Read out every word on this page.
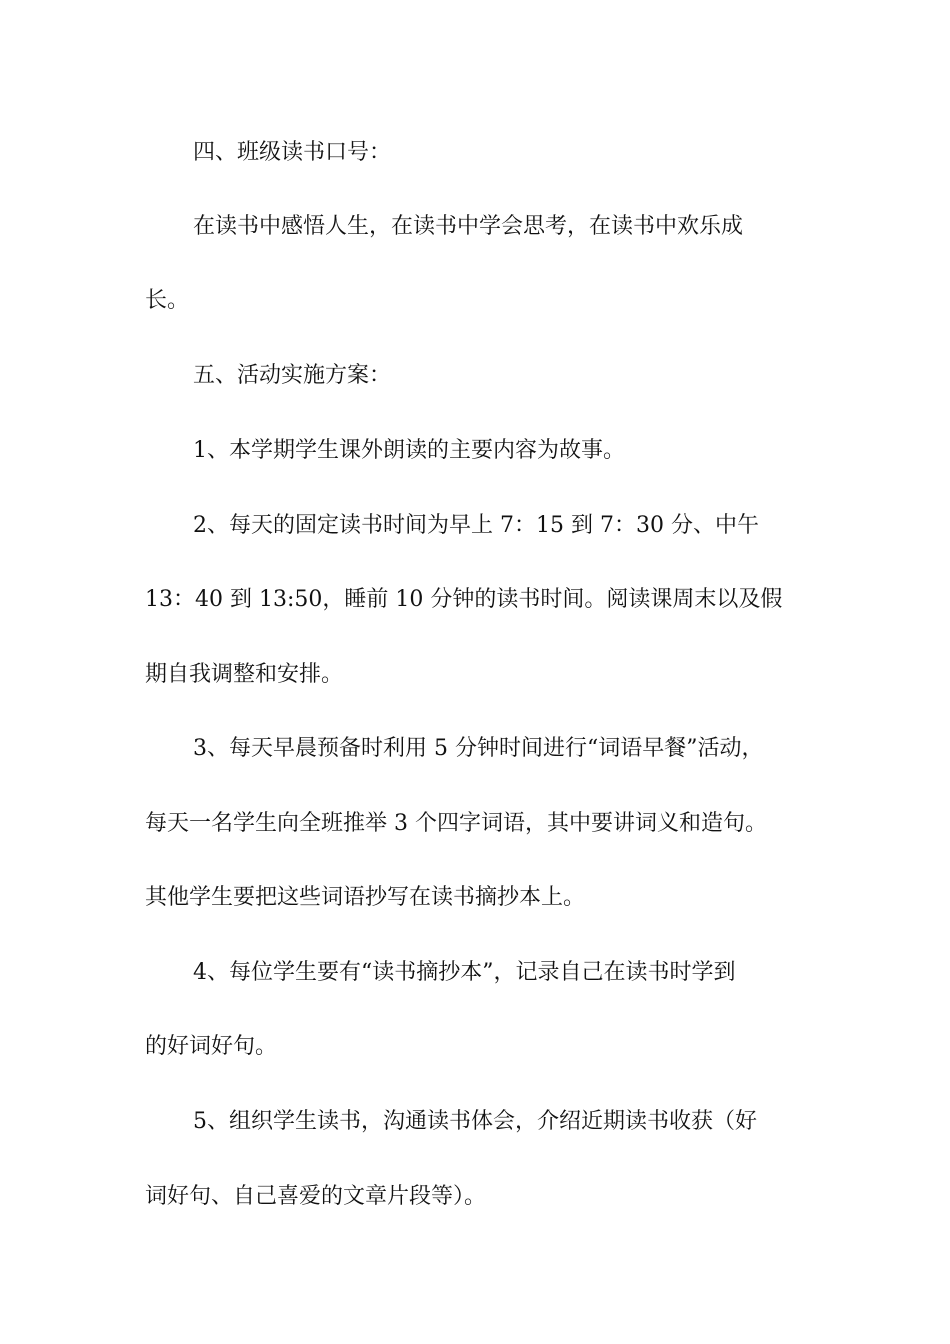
四、班级读书口号：
在读书中感悟人生，在读书中学会思考，在读书中欢乐成
长。
五、活动实施方案：
1、本学期学生课外朗读的主要内容为故事。
2、每天的固定读书时间为早上 7：15 到 7：30 分、中午
13：40 到 13:50，睡前 10 分钟的读书时间。阅读课周末以及假
期自我调整和安排。
3、每天早晨预备时利用 5 分钟时间进行“词语早餐”活动，
每天一名学生向全班推举 3 个四字词语，其中要讲词义和造句。
其他学生要把这些词语抄写在读书摘抄本上。
4、每位学生要有“读书摘抄本”，记录自己在读书时学到
的好词好句。
5、组织学生读书，沟通读书体会，介绍近期读书收获（好
词好句、自己喜爱的文章片段等）。
